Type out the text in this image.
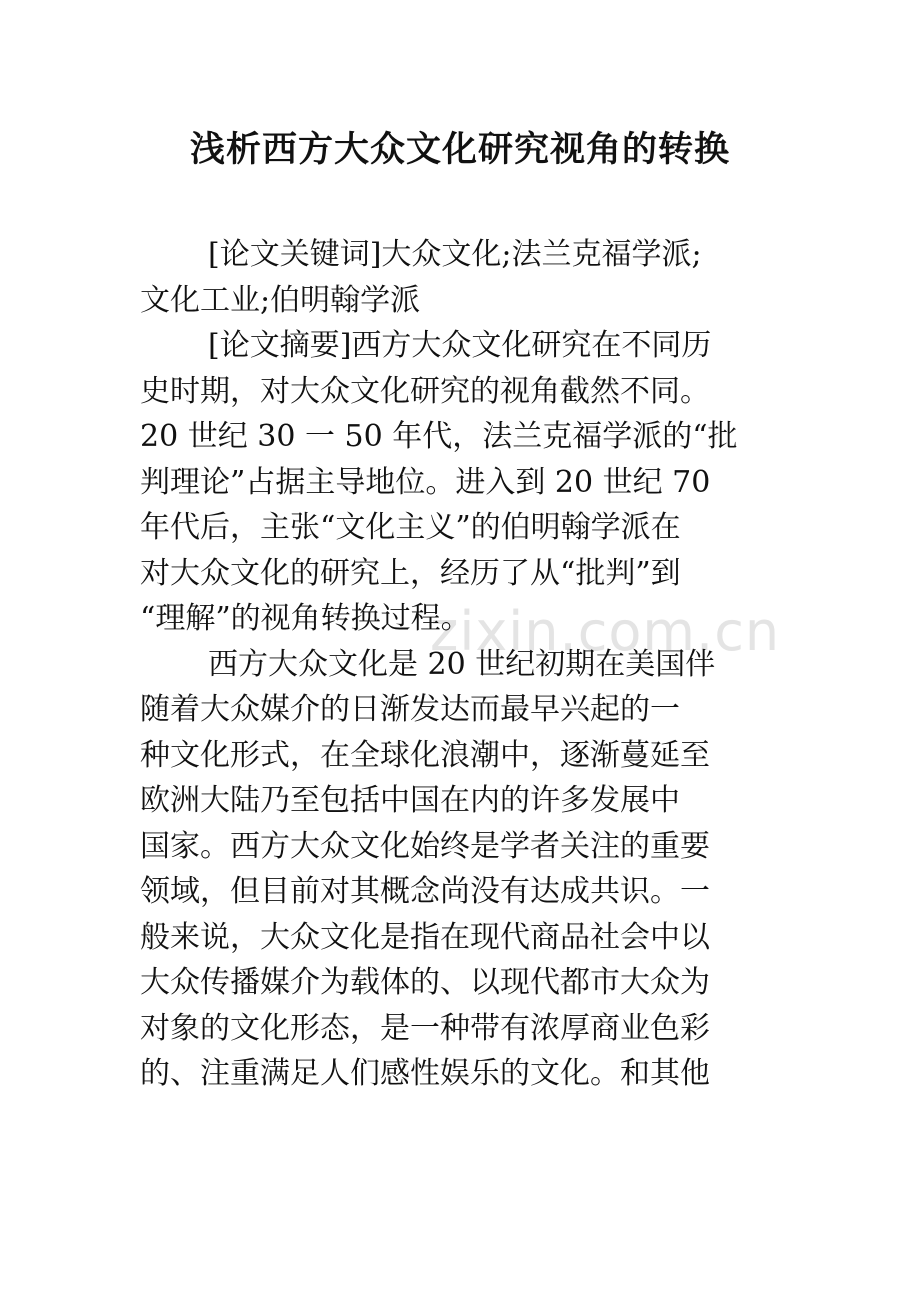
zixin.com.cn
浅析西方大众文化研究视角的转换
[论文关键词]大众文化;法兰克福学派;
文化工业;伯明翰学派
[论文摘要]西方大众文化研究在不同历
史时期，对大众文化研究的视角截然不同。
20 世纪 30 一 50 年代，法兰克福学派的“批
判理论”占据主导地位。进入到 20 世纪 70
年代后，主张“文化主义”的伯明翰学派在
对大众文化的研究上，经历了从“批判”到
“理解”的视角转换过程。
西方大众文化是 20 世纪初期在美国伴
随着大众媒介的日渐发达而最早兴起的一
种文化形式，在全球化浪潮中，逐渐蔓延至
欧洲大陆乃至包括中国在内的许多发展中
国家。西方大众文化始终是学者关注的重要
领域，但目前对其概念尚没有达成共识。一
般来说，大众文化是指在现代商品社会中以
大众传播媒介为载体的、以现代都市大众为
对象的文化形态，是一种带有浓厚商业色彩
的、注重满足人们感性娱乐的文化。和其他
